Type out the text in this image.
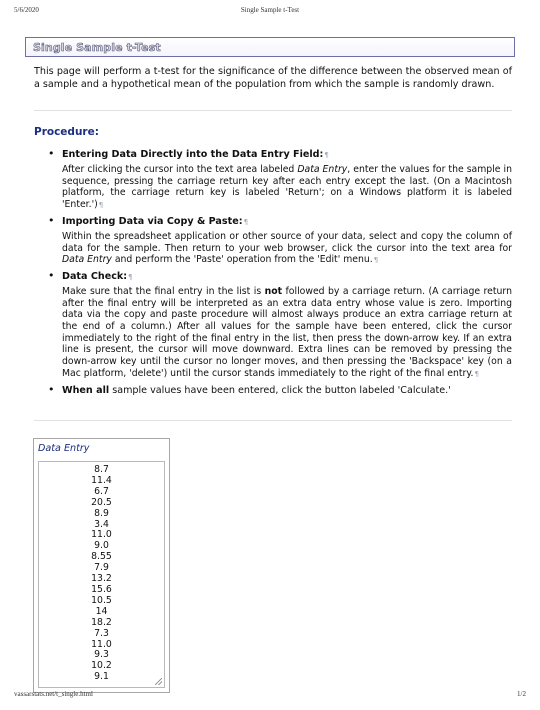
5/6/2020	Single Sample t-Test
Single Sample t-Test
This page will perform a t-test for the significance of the difference between the observed mean of a sample and a hypothetical mean of the population from which the sample is randomly drawn.
Procedure:
• Entering Data Directly into the Data Entry Field:¶
After clicking the cursor into the text area labeled Data Entry, enter the values for the sample in sequence, pressing the carriage return key after each entry except the last. (On a Macintosh platform, the carriage return key is labeled 'Return'; on a Windows platform it is labeled 'Enter.')¶
• Importing Data via Copy & Paste:¶
Within the spreadsheet application or other source of your data, select and copy the column of data for the sample. Then return to your web browser, click the cursor into the text area for Data Entry and perform the 'Paste' operation from the 'Edit' menu.¶
• Data Check:¶
Make sure that the final entry in the list is not followed by a carriage return. (A carriage return after the final entry will be interpreted as an extra data entry whose value is zero. Importing data via the copy and paste procedure will almost always produce an extra carriage return at the end of a column.) After all values for the sample have been entered, click the cursor immediately to the right of the final entry in the list, then press the down-arrow key. If an extra line is present, the cursor will move downward. Extra lines can be removed by pressing the down-arrow key until the cursor no longer moves, and then pressing the 'Backspace' key (on a Mac platform, 'delete') until the cursor stands immediately to the right of the final entry.¶
• When all sample values have been entered, click the button labeled 'Calculate.'
Data Entry
8.7
11.4
6.7
20.5
8.9
3.4
11.0
9.0
8.55
7.9
13.2
15.6
10.5
14
18.2
7.3
11.0
9.3
10.2
9.1
vassarstats.net/t_single.html	1/2
